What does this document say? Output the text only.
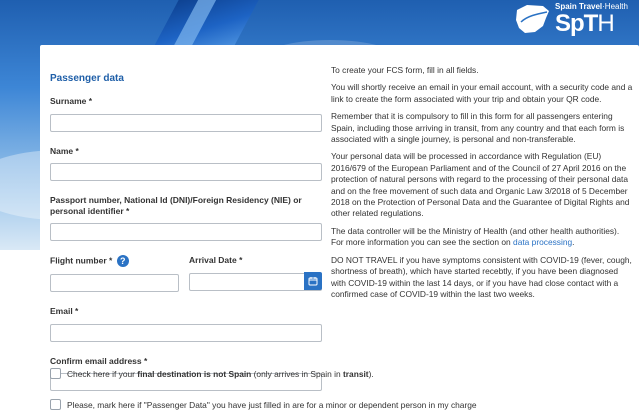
Spain Travel·Health
SpTH
Passenger data
Surname *
Name *
Passport number, National Id (DNI)/Foreign Residency (NIE) or personal identifier *
Flight number * ?	Arrival Date *
Email *
Confirm email address *

To create your FCS form, fill in all fields.

You will shortly receive an email in your email account, with a security code and a link to create the form associated with your trip and obtain your QR code.

Remember that it is compulsory to fill in this form for all passengers entering Spain, including those arriving in transit, from any country and that each form is associated with a single journey, is personal and non-transferable.

Your personal data will be processed in accordance with Regulation (EU) 2016/679 of the European Parliament and of the Council of 27 April 2016 on the protection of natural persons with regard to the processing of their personal data and on the free movement of such data and Organic Law 3/2018 of 5 December 2018 on the Protection of Personal Data and the Guarantee of Digital Rights and other related regulations.

The data controller will be the Ministry of Health (and other health authorities). For more information you can see the section on data processing.

DO NOT TRAVEL if you have symptoms consistent with COVID-19 (fever, cough, shortness of breath), which have started recebtly, if you have been diagnosed with COVID-19 within the last 14 days, or if you have had close contact with a confirmed case of COVID-19 within the last two weeks.

Check here if your final destination is not Spain (only arrives in Spain in transit).
Please, mark here if "Passenger Data" you have just filled in are for a minor or dependent person in my charge
